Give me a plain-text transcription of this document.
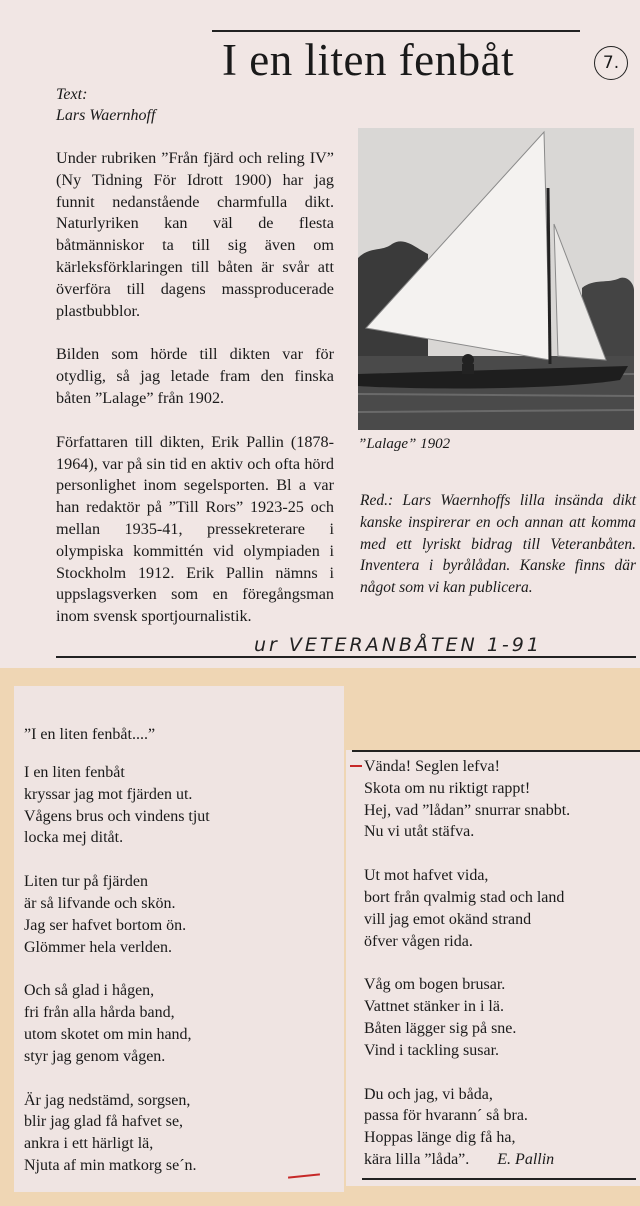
I en liten fenbåt	7.
Text:
Lars Waernhoff

Under rubriken ”Från fjärd och reling IV” (Ny Tidning För Idrott 1900) har jag funnit nedanstående charmfulla dikt. Naturlyriken kan väl de flesta båtmänniskor ta till sig även om kärleksförklaringen till båten är svår att överföra till dagens massproducerade plastbubblor.

Bilden som hörde till dikten var för otydlig, så jag letade fram den finska båten ”Lalage” från 1902.

Författaren till dikten, Erik Pallin (1878-1964), var på sin tid en aktiv och ofta hörd personlighet inom segelsporten. Bl a var han redaktör på ”Till Rors” 1923-25 och mellan 1935-41, pressekreterare i olympiska kommittén vid olympiaden i Stockholm 1912. Erik Pallin nämns i uppslagsverken som en föregångsman inom svensk sportjournalistik.

”Lalage” 1902
Red.: Lars Waernhoffs lilla insända dikt kanske inspirerar en och annan att komma med ett lyriskt bidrag till Veteranbåten. Inventera i byrålådan. Kanske finns där något som vi kan publicera.
ur VETERANBÅTEN 1-91
”I en liten fenbåt....”
I en liten fenbåt
kryssar jag mot fjärden ut.
Vågens brus och vindens tjut
locka mej ditåt.
Liten tur på fjärden
är så lifvande och skön.
Jag ser hafvet bortom ön.
Glömmer hela verlden.
Och så glad i hågen,
fri från alla hårda band,
utom skotet om min hand,
styr jag genom vågen.
Är jag nedstämd, sorgsen,
blir jag glad få hafvet se,
ankra i ett härligt lä,
Njuta af min matkorg se´n.
Vända! Seglen lefva!
Skota om nu riktigt rappt!
Hej, vad ”lådan” snurrar snabbt.
Nu vi utåt stäfva.
Ut mot hafvet vida,
bort från qvalmig stad och land
vill jag emot okänd strand
öfver vågen rida.
Våg om bogen brusar.
Vattnet stänker in i lä.
Båten lägger sig på sne.
Vind i tackling susar.
Du och jag, vi båda,
passa för hvarann´ så bra.
Hoppas länge dig få ha,
kära lilla ”låda”. E. Pallin
